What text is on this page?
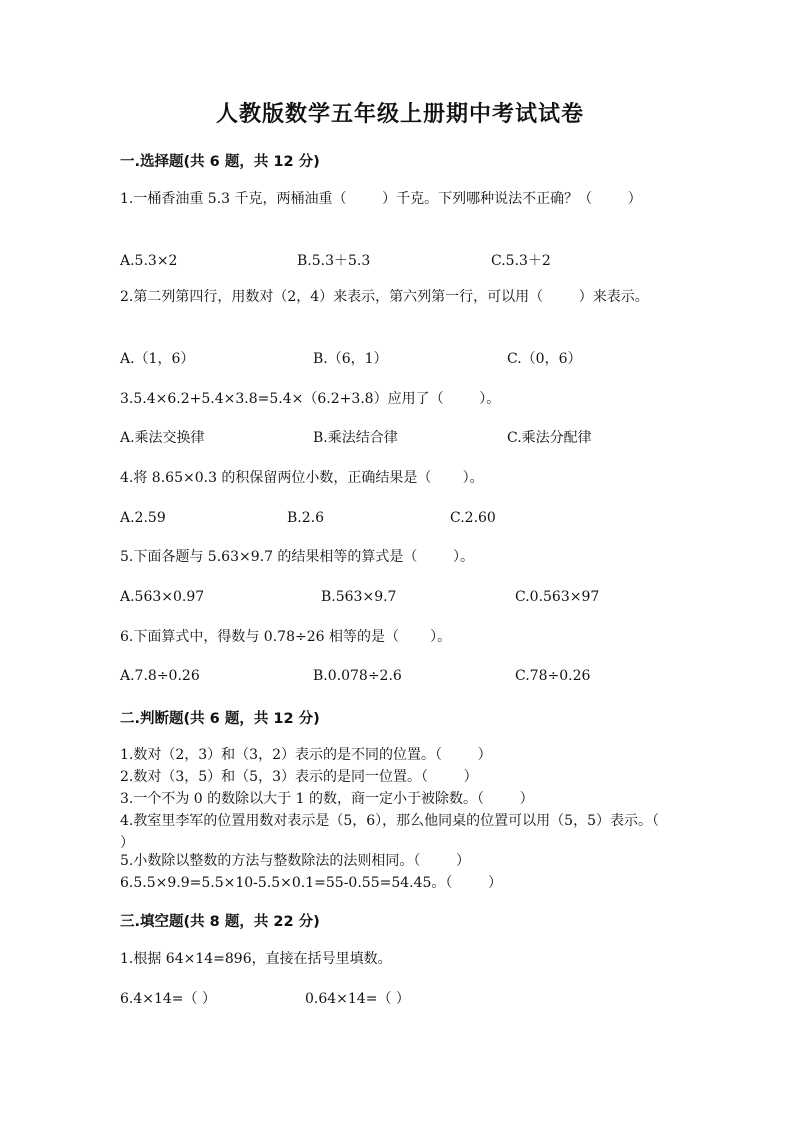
人教版数学五年级上册期中考试试卷
一.选择题(共 6 题，共 12 分)
1.一桶香油重 5.3 千克，两桶油重（        ）千克。下列哪种说法不正确？（        ）
A.5.3×2	B.5.3＋5.3	C.5.3＋2
2.第二列第四行，用数对（2，4）来表示，第六列第一行，可以用（        ）来表示。
A.（1，6）	B.（6，1）	C.（0，6）
3.5.4×6.2+5.4×3.8=5.4×（6.2+3.8）应用了（        ）。
A.乘法交换律	B.乘法结合律	C.乘法分配律
4.将 8.65×0.3 的积保留两位小数，正确结果是（       ）。
A.2.59	B.2.6	C.2.60
5.下面各题与 5.63×9.7 的结果相等的算式是（        ）。
A.563×0.97	B.563×9.7	C.0.563×97
6.下面算式中，得数与 0.78÷26 相等的是（       ）。
A.7.8÷0.26	B.0.078÷2.6	C.78÷0.26
二.判断题(共 6 题，共 12 分)
1.数对（2，3）和（3，2）表示的是不同的位置。（        ）
2.数对（3，5）和（5，3）表示的是同一位置。（        ）
3.一个不为 0 的数除以大于 1 的数，商一定小于被除数。（        ）
4.教室里李军的位置用数对表示是（5，6），那么他同桌的位置可以用（5，5）表示。（        ）
5.小数除以整数的方法与整数除法的法则相同。（        ）
6.5.5×9.9=5.5×10-5.5×0.1=55-0.55=54.45。（        ）
三.填空题(共 8 题，共 22 分)
1.根据 64×14=896，直接在括号里填数。
6.4×14=（ ）	0.64×14=（ ）
